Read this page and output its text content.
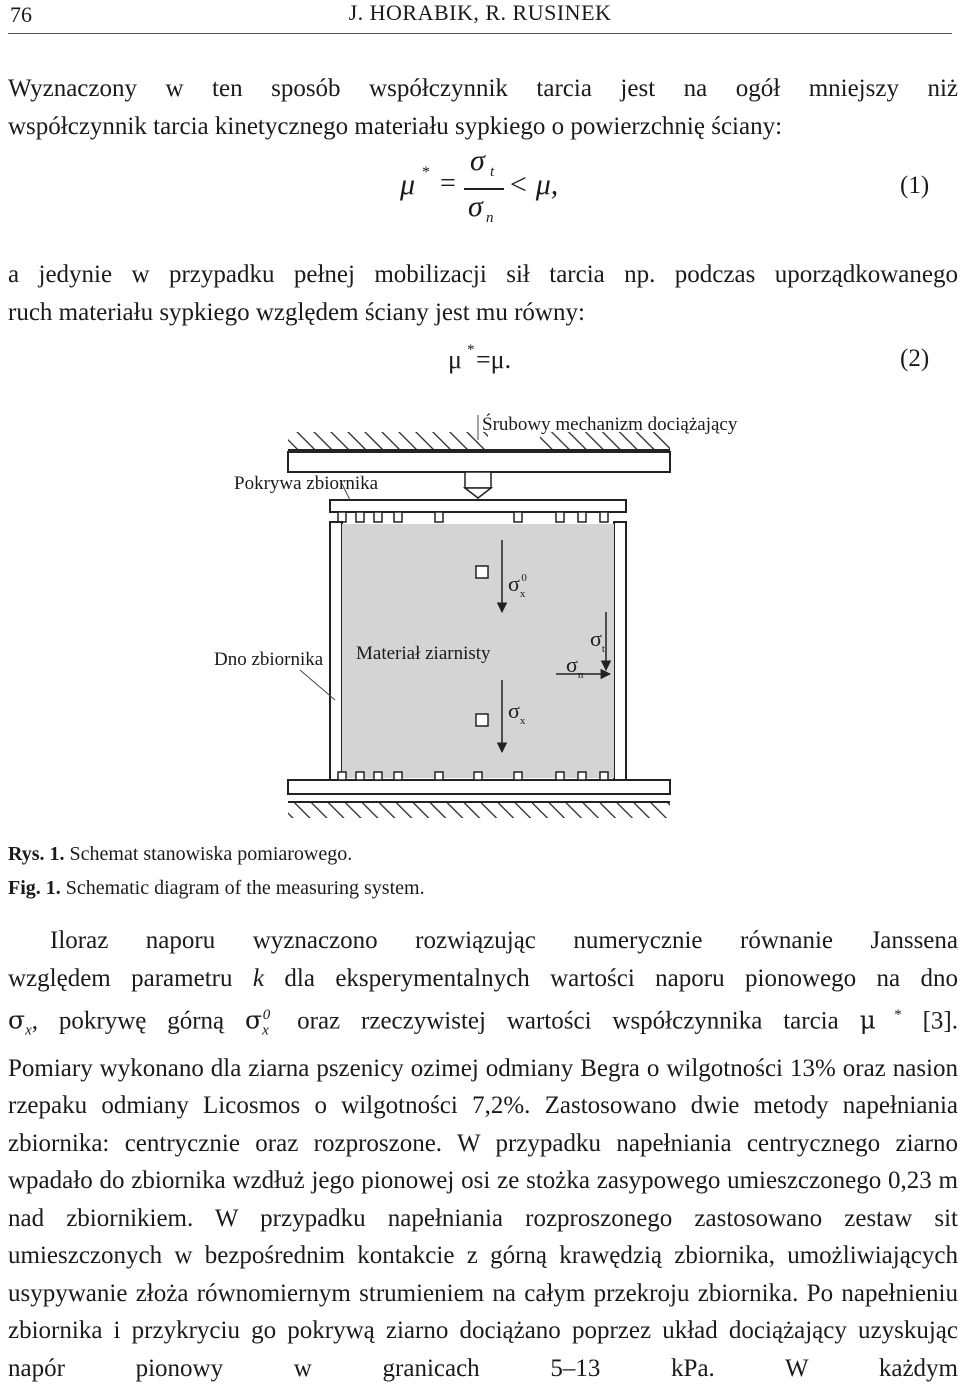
76	J. HORABIK, R. RUSINEK

Wyznaczony w ten sposób współczynnik tarcia jest na ogół mniejszy niż

współczynnik tarcia kinetycznego materiału sypkiego o powierzchnię ściany:

μ * =
σ t
σ n
< μ,	(1)

a jedynie w przypadku pełnej mobilizacji sił tarcia np. podczas uporządkowanego

ruch materiału sypkiego względem ściany jest mu równy:

μ * =μ.	(2)
Śrubowy mechanizm dociążający
Pokrywa zbiornika
Dno zbiornika Materiał ziarnisty
$\sigma_x^0$
$\sigma_t$
$\sigma_n$
$\sigma_x$
Rys. 1. Schemat stanowiska pomiarowego.
Fig. 1. Schematic diagram of the measuring system.

Iloraz naporu wyznaczono rozwiązując numerycznie równanie Janssena

względem parametru k dla eksperymentalnych wartości naporu pionowego na dno

$\sigma_x$, pokrywę górną $\sigma_x^0$ oraz rzeczywistej wartości współczynnika tarcia μ * [3].

Pomiary wykonano dla ziarna pszenicy ozimej odmiany Begra o wilgotności 13% oraz nasion rzepaku odmiany Licosmos o wilgotności 7,2%. Zastosowano dwie metody napełniania zbiornika: centrycznie oraz rozproszone. W przypadku napełniania centrycznego ziarno wpadało do zbiornika wzdłuż jego pionowej osi ze stożka zasypowego umieszczonego 0,23 m nad zbiornikiem. W przypadku napełniania rozproszonego zastosowano zestaw sit umieszczonych w bezpośrednim kontakcie z górną krawędzią zbiornika, umożliwiających usypywanie złoża równomiernym strumieniem na całym przekroju zbiornika. Po napełnieniu zbiornika i przykryciu go pokrywą ziarno dociążano poprzez układ dociążający uzyskując napór pionowy w granicach 5–13 kPa. W każdym
